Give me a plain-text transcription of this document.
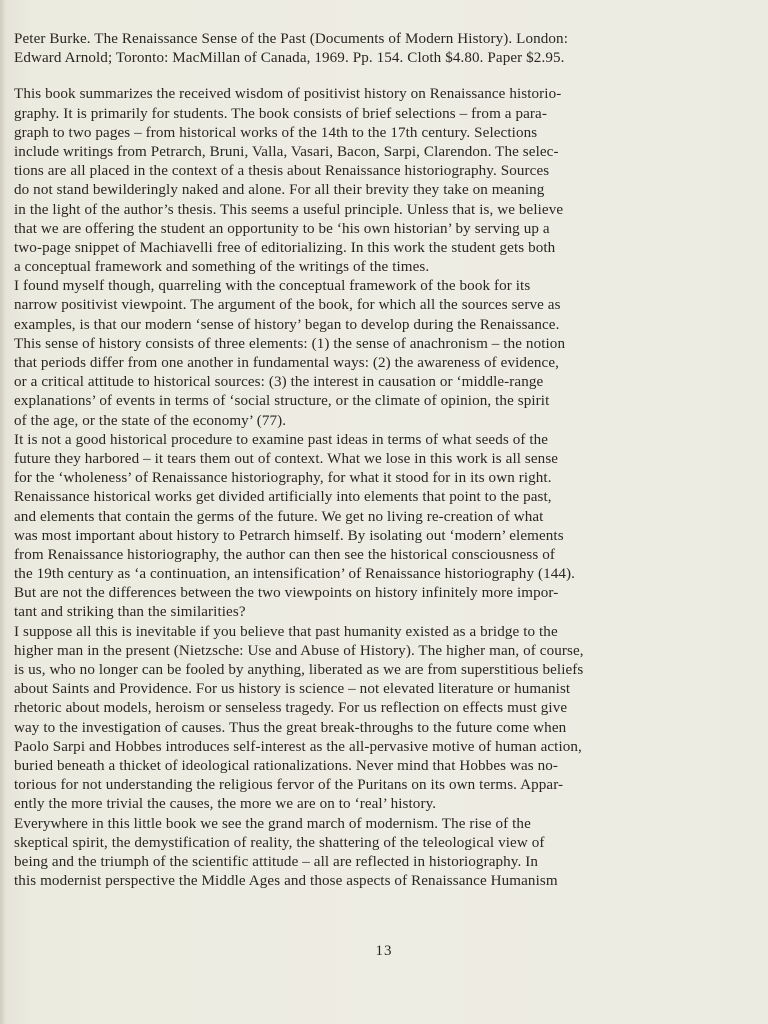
Peter Burke. The Renaissance Sense of the Past (Documents of Modern History). London:
Edward Arnold; Toronto: MacMillan of Canada, 1969. Pp. 154. Cloth $4.80. Paper $2.95.
This book summarizes the received wisdom of positivist history on Renaissance historio-
graphy. It is primarily for students. The book consists of brief selections – from a para-
graph to two pages – from historical works of the 14th to the 17th century. Selections
include writings from Petrarch, Bruni, Valla, Vasari, Bacon, Sarpi, Clarendon. The selec-
tions are all placed in the context of a thesis about Renaissance historiography. Sources
do not stand bewilderingly naked and alone. For all their brevity they take on meaning
in the light of the author’s thesis. This seems a useful principle. Unless that is, we believe
that we are offering the student an opportunity to be ‘his own historian’ by serving up a
two-page snippet of Machiavelli free of editorializing. In this work the student gets both
a conceptual framework and something of the writings of the times.
I found myself though, quarreling with the conceptual framework of the book for its
narrow positivist viewpoint. The argument of the book, for which all the sources serve as
examples, is that our modern ‘sense of history’ began to develop during the Renaissance.
This sense of history consists of three elements: (1) the sense of anachronism – the notion
that periods differ from one another in fundamental ways: (2) the awareness of evidence,
or a critical attitude to historical sources: (3) the interest in causation or ‘middle-range
explanations’ of events in terms of ‘social structure, or the climate of opinion, the spirit
of the age, or the state of the economy’ (77).
It is not a good historical procedure to examine past ideas in terms of what seeds of the
future they harbored – it tears them out of context. What we lose in this work is all sense
for the ‘wholeness’ of Renaissance historiography, for what it stood for in its own right.
Renaissance historical works get divided artificially into elements that point to the past,
and elements that contain the germs of the future. We get no living re-creation of what
was most important about history to Petrarch himself. By isolating out ‘modern’ elements
from Renaissance historiography, the author can then see the historical consciousness of
the 19th century as ‘a continuation, an intensification’ of Renaissance historiography (144).
But are not the differences between the two viewpoints on history infinitely more impor-
tant and striking than the similarities?
I suppose all this is inevitable if you believe that past humanity existed as a bridge to the
higher man in the present (Nietzsche: Use and Abuse of History). The higher man, of course,
is us, who no longer can be fooled by anything, liberated as we are from superstitious beliefs
about Saints and Providence. For us history is science – not elevated literature or humanist
rhetoric about models, heroism or senseless tragedy. For us reflection on effects must give
way to the investigation of causes. Thus the great break-throughs to the future come when
Paolo Sarpi and Hobbes introduces self-interest as the all-pervasive motive of human action,
buried beneath a thicket of ideological rationalizations. Never mind that Hobbes was no-
torious for not understanding the religious fervor of the Puritans on its own terms. Appar-
ently the more trivial the causes, the more we are on to ‘real’ history.
Everywhere in this little book we see the grand march of modernism. The rise of the
skeptical spirit, the demystification of reality, the shattering of the teleological view of
being and the triumph of the scientific attitude – all are reflected in historiography. In
this modernist perspective the Middle Ages and those aspects of Renaissance Humanism
13
